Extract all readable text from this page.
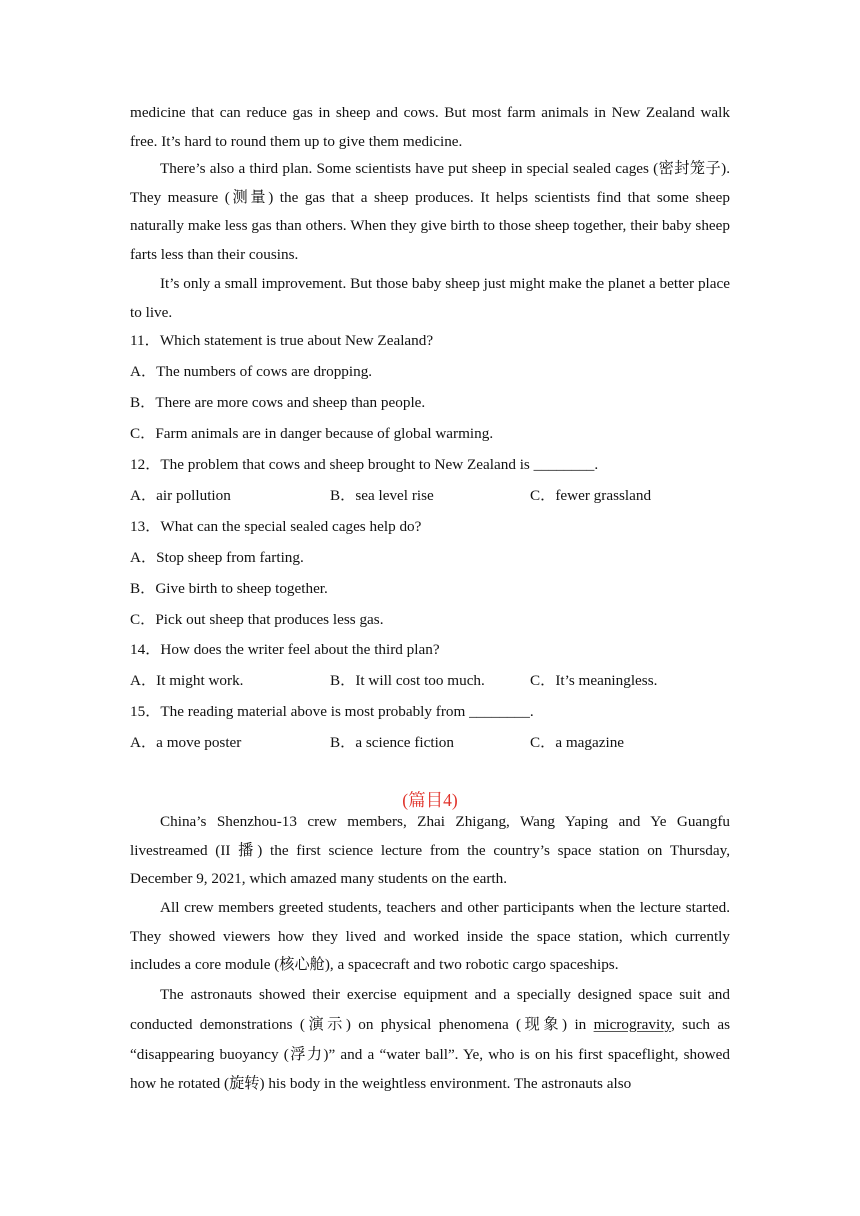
medicine that can reduce gas in sheep and cows. But most farm animals in New Zealand walk free. It’s hard to round them up to give them medicine.

There’s also a third plan. Some scientists have put sheep in special sealed cages (密封笼子). They measure (测量) the gas that a sheep produces. It helps scientists find that some sheep naturally make less gas than others. When they give birth to those sheep together, their baby sheep farts less than their cousins.

It’s only a small improvement. But those baby sheep just might make the planet a better place to live.

11．Which statement is true about New Zealand?
A．The numbers of cows are dropping.
B．There are more cows and sheep than people.
C．Farm animals are in danger because of global warming.
12．The problem that cows and sheep brought to New Zealand is ________.
A．air pollution	B．sea level rise	C．fewer grassland
13．What can the special sealed cages help do?
A．Stop sheep from farting.
B．Give birth to sheep together.
C．Pick out sheep that produces less gas.
14．How does the writer feel about the third plan?
A．It might work.	B．It will cost too much.	C．It’s meaningless.
15．The reading material above is most probably from ________.
A．a move poster	B．a science fiction	C．a magazine
(篇目4)

China’s Shenzhou-13 crew members, Zhai Zhigang, Wang Yaping and Ye Guangfu livestreamed (II 播) the first science lecture from the country’s space station on Thursday, December 9, 2021, which amazed many students on the earth.

All crew members greeted students, teachers and other participants when the lecture started. They showed viewers how they lived and worked inside the space station, which currently includes a core module (核心舱), a spacecraft and two robotic cargo spaceships.

The astronauts showed their exercise equipment and a specially designed space suit and conducted demonstrations (演示) on physical phenomena (现象) in microgravity, such as “disappearing buoyancy (浮力)” and a “water ball”. Ye, who is on his first spaceflight, showed how he rotated (旋转) his body in the weightless environment. The astronauts also
